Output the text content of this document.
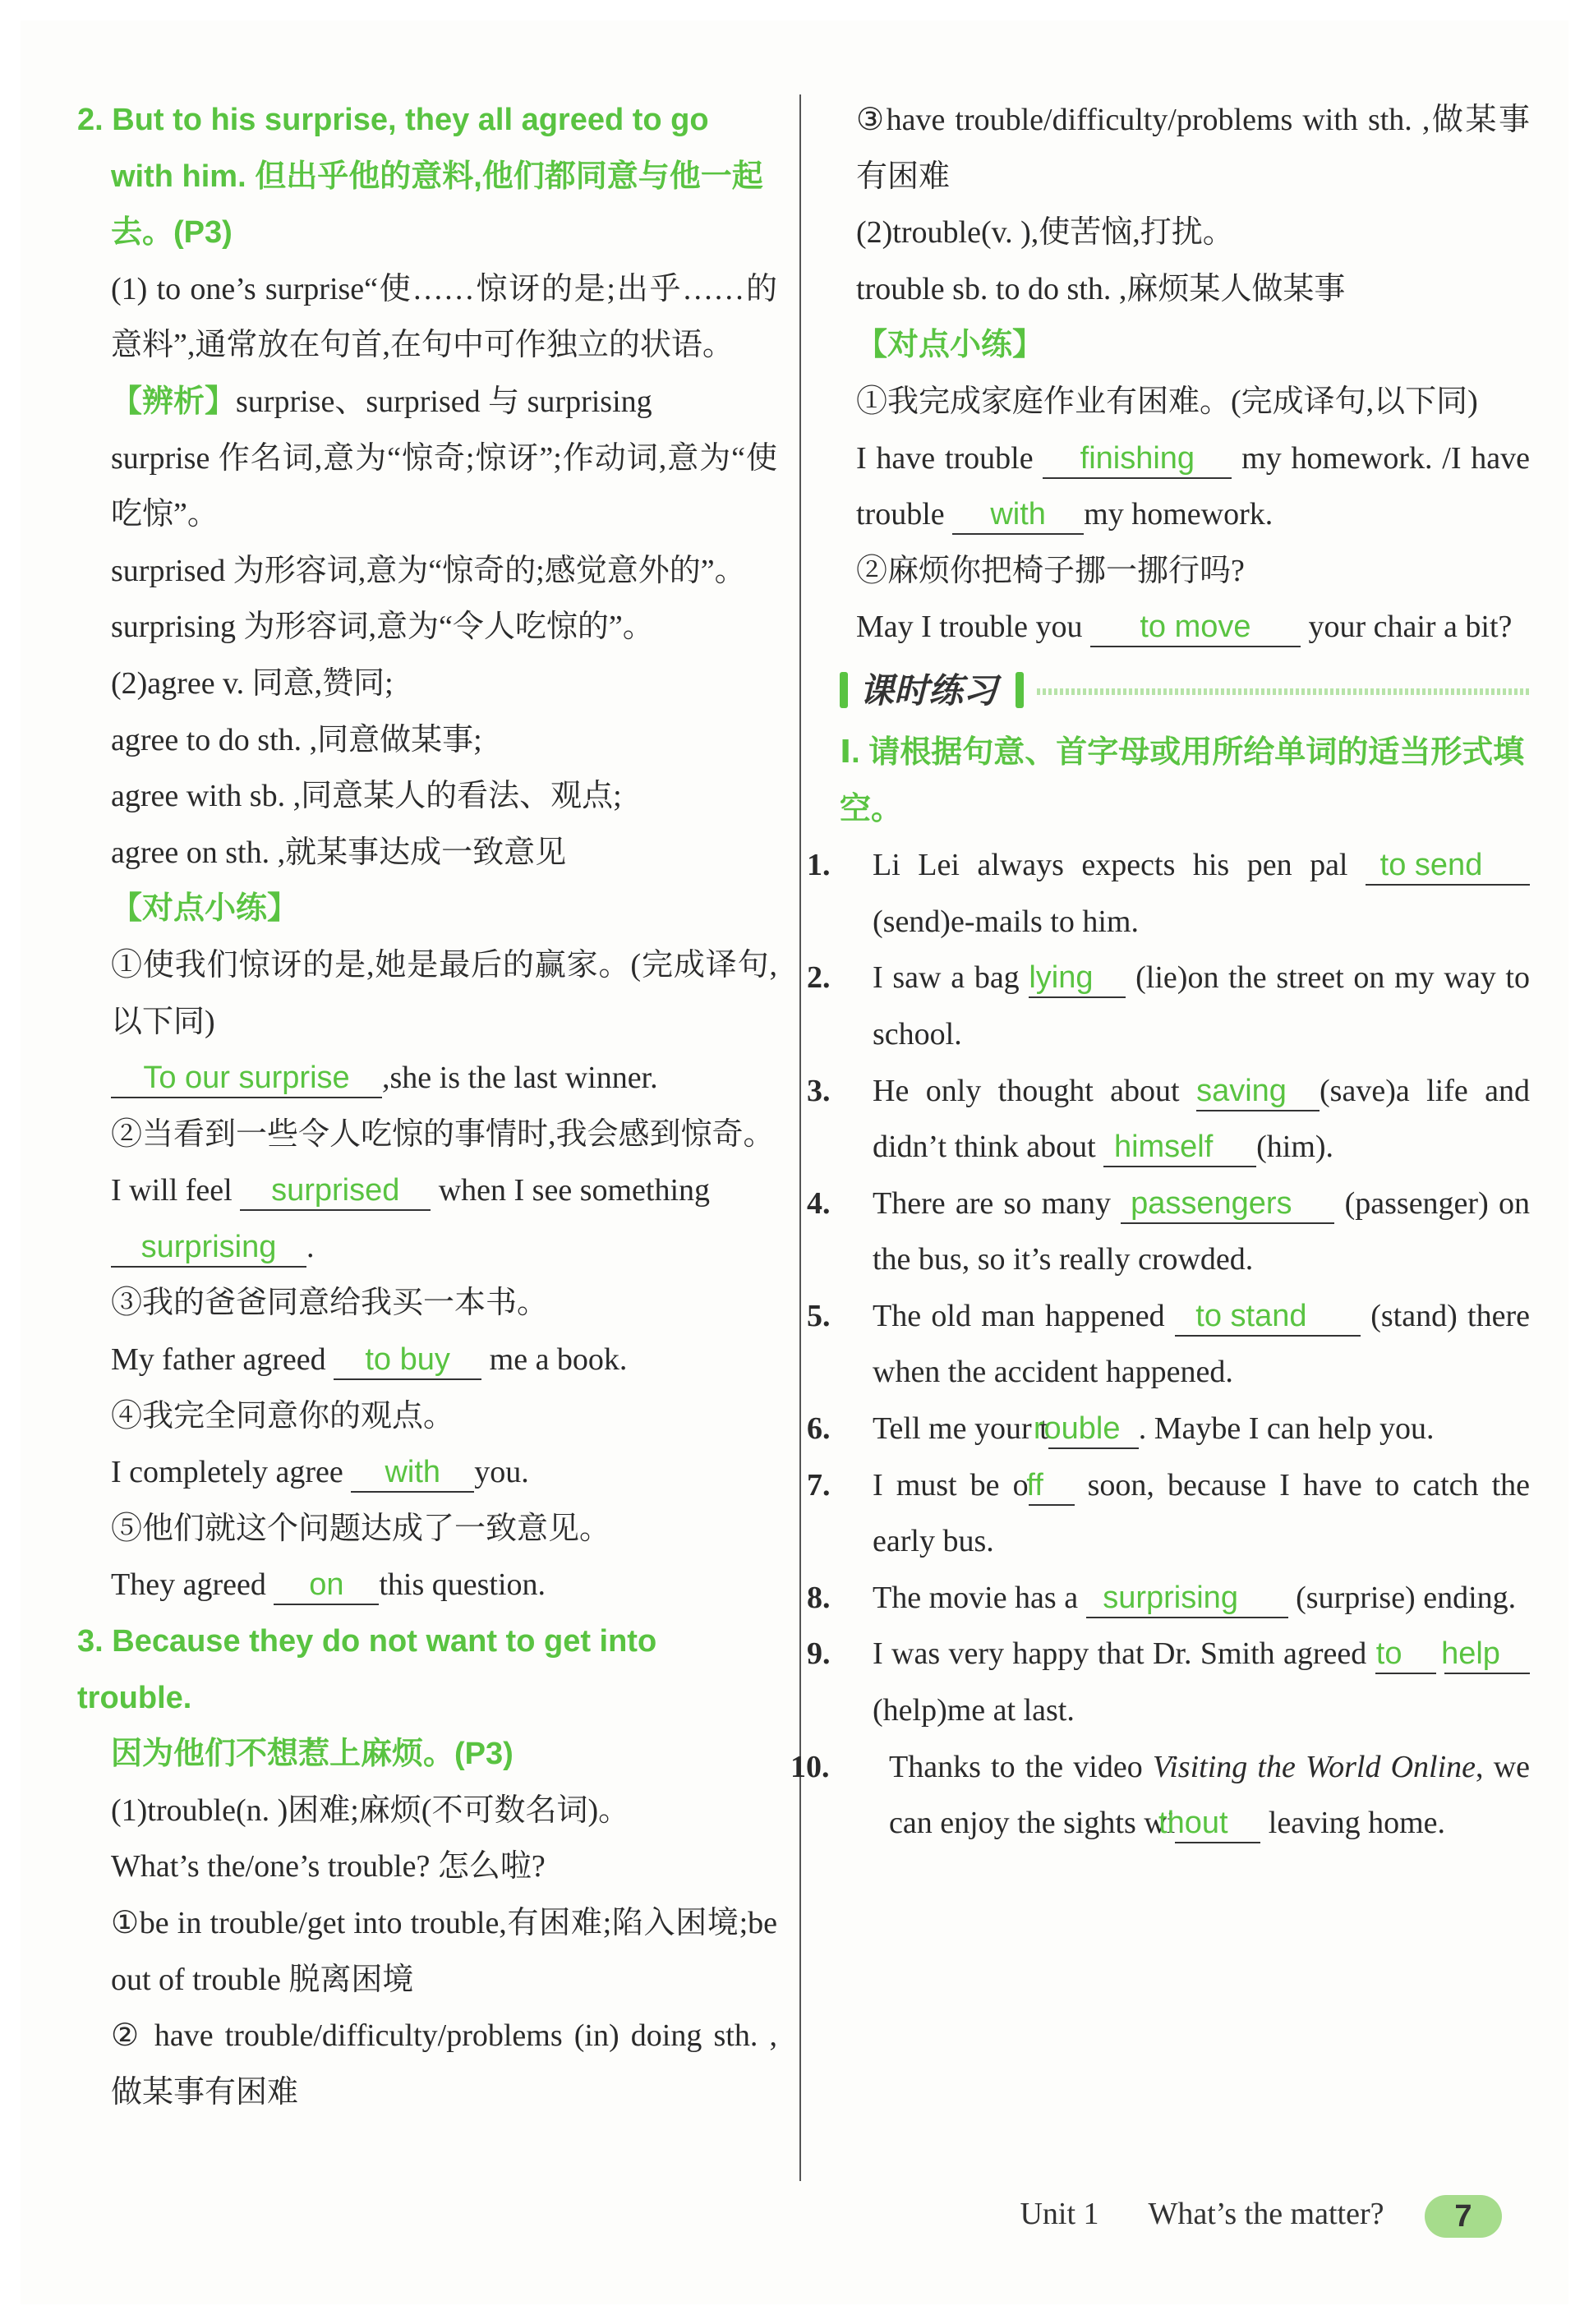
2. But to his surprise, they all agreed to go with him. 但出乎他的意料,他们都同意与他一起去。(P3)

(1) to one’s surprise“使……惊讶的是;出乎……的意料”,通常放在句首,在句中可作独立的状语。

【辨析】surprise、surprised 与 surprising

surprise 作名词,意为“惊奇;惊讶”;作动词,意为“使吃惊”。

surprised 为形容词,意为“惊奇的;感觉意外的”。

surprising 为形容词,意为“令人吃惊的”。

(2)agree v. 同意,赞同;

agree to do sth. ,同意做某事;

agree with sb. ,同意某人的看法、观点;

agree on sth. ,就某事达成一致意见

【对点小练】

①使我们惊讶的是,她是最后的赢家。(完成译句,以下同)

To our surprise ,she is the last winner.

②当看到一些令人吃惊的事情时,我会感到惊奇。

I will feel surprised when I see something

surprising .

③我的爸爸同意给我买一本书。

My father agreed to buy me a book.

④我完全同意你的观点。

I completely agree with you.

⑤他们就这个问题达成了一致意见。

They agreed on this question.

3. Because they do not want to get into trouble.

因为他们不想惹上麻烦。(P3)

(1)trouble(n. )困难;麻烦(不可数名词)。

What’s the/one’s trouble? 怎么啦?

①be in trouble/get into trouble,有困难;陷入困境;be out of trouble 脱离困境

② have trouble/difficulty/problems (in) doing sth. ,做某事有困难

③have trouble/difficulty/problems with sth. ,做某事有困难

(2)trouble(v. ),使苦恼,打扰。

trouble sb. to do sth. ,麻烦某人做某事

【对点小练】

①我完成家庭作业有困难。(完成译句,以下同)

I have trouble finishing my homework. /I have trouble with my homework.

②麻烦你把椅子挪一挪行吗?

May I trouble you to move your chair a bit?

课时练习

Ⅰ. 请根据句意、首字母或用所给单词的适当形式填空。

1. Li Lei always expects his pen pal to send (send)e-mails to him.

2. I saw a bag lying (lie)on the street on my way to school.

3. He only thought about saving (save)a life and didn’t think about himself (him).

4. There are so many passengers (passenger) on the bus, so it’s really crowded.

5. The old man happened to stand (stand) there when the accident happened.

6. Tell me your trouble . Maybe I can help you.

7. I must be off soon, because I have to catch the early bus.

8. The movie has a surprising (surprise) ending.

9. I was very happy that Dr. Smith agreed to help (help)me at last.

10. Thanks to the video Visiting the World Online, we can enjoy the sights without leaving home.

Unit 1 What’s the matter? 7
